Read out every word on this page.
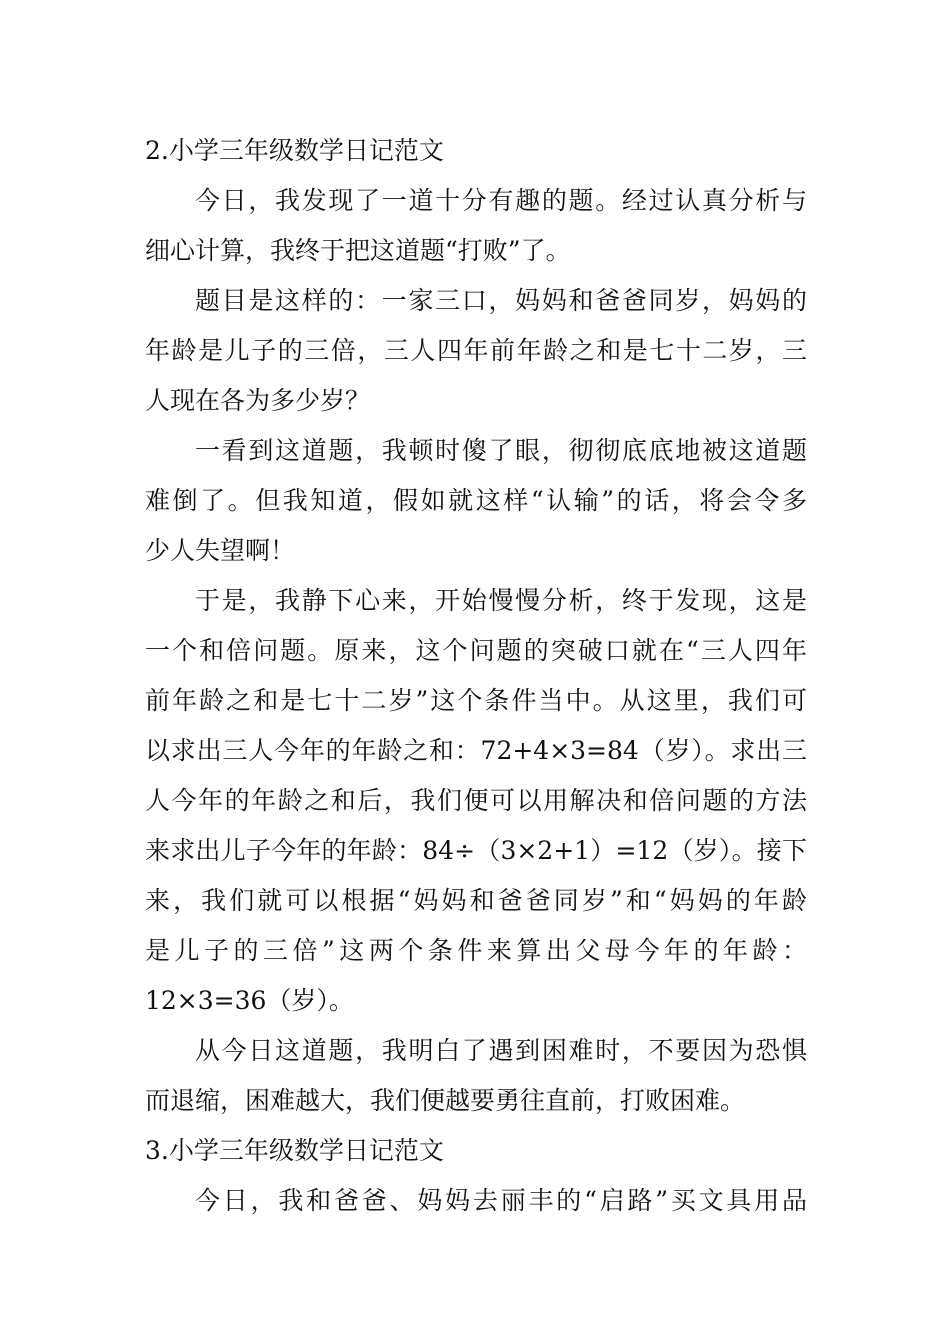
2.小学三年级数学日记范文
今日，我发现了一道十分有趣的题。经过认真分析与
细心计算，我终于把这道题“打败”了。
题目是这样的：一家三口，妈妈和爸爸同岁，妈妈的
年龄是儿子的三倍，三人四年前年龄之和是七十二岁，三
人现在各为多少岁？
一看到这道题，我顿时傻了眼，彻彻底底地被这道题
难倒了。但我知道，假如就这样“认输”的话，将会令多
少人失望啊！
于是，我静下心来，开始慢慢分析，终于发现，这是
一个和倍问题。原来，这个问题的突破口就在“三人四年
前年龄之和是七十二岁”这个条件当中。从这里，我们可
以求出三人今年的年龄之和：72+4×3=84（岁）。求出三
人今年的年龄之和后，我们便可以用解决和倍问题的方法
来求出儿子今年的年龄：84÷（3×2+1）=12（岁）。接下
来，我们就可以根据“妈妈和爸爸同岁”和“妈妈的年龄
是儿子的三倍”这两个条件来算出父母今年的年龄：
12×3=36（岁）。
从今日这道题，我明白了遇到困难时，不要因为恐惧
而退缩，困难越大，我们便越要勇往直前，打败困难。
3.小学三年级数学日记范文
今日，我和爸爸、妈妈去丽丰的“启路”买文具用品
